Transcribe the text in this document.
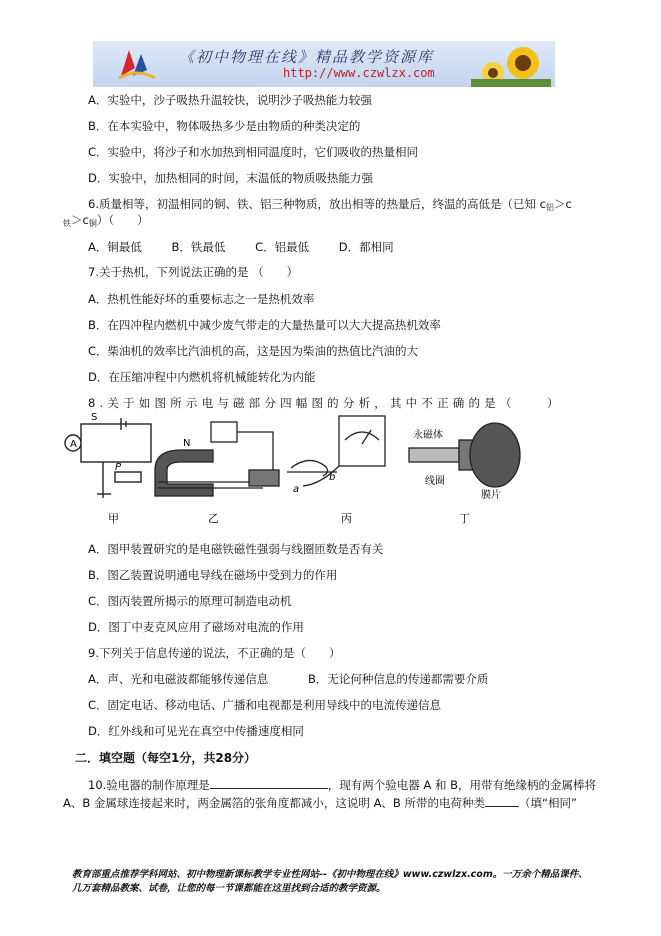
《初中物理在线》精品教学资源库
http://www.czwlzx.com
A．实验中，沙子吸热升温较快，说明沙子吸热能力较强
B．在本实验中，物体吸热多少是由物质的种类决定的
C．实验中，将沙子和水加热到相同温度时，它们吸收的热量相同
D．实验中，加热相同的时间，末温低的物质吸热能力强
6.质量相等，初温相同的铜、铁、铝三种物质，放出相等的热量后，终温的高低是（已知 $c_铝>c$
$_铁>c_铜$）（　　）
A．铜最低	B．铁最低	C．铝最低	D．都相同
7.关于热机，下列说法正确的是 （　　）
A．热机性能好坏的重要标志之一是热机效率
B．在四冲程内燃机中减少废气带走的大量热量可以大大提高热机效率
C．柴油机的效率比汽油机的高，这是因为柴油的热值比汽油的大
D．在压缩冲程中内燃机将机械能转化为内能
8.关于如图所示电与磁部分四幅图的分析，其中不正确的是（　　）
A
S
P
N
b
a
永磁体
线圈
膜片
甲	乙	丙	丁
A．图甲装置研究的是电磁铁磁性强弱与线圈匝数是否有关
B．图乙装置说明通电导线在磁场中受到力的作用
C．图丙装置所揭示的原理可制造电动机
D．图丁中麦克风应用了磁场对电流的作用
9.下列关于信息传递的说法，不正确的是（　　）
A．声、光和电磁波都能够传递信息	B．无论何种信息的传递都需要介质
C．固定电话、移动电话、广播和电视都是利用导线中的电流传递信息
D．红外线和可见光在真空中传播速度相同
二．填空题（每空1分，共28分）
10.验电器的制作原理是	，现有两个验电器 A 和 B，用带有绝缘柄的金属棒将
A、B 金属球连接起来时，两金属箔的张角度都减小，这说明 A、B 所带的电荷种类	（填“相同”
教育部重点推荐学科网站、初中物理新课标教学专业性网站--《初中物理在线》www.czwlzx.com。一万余个精品课件、
几万套精品教案、试卷，让您的每一节课都能在这里找到合适的教学资源。
